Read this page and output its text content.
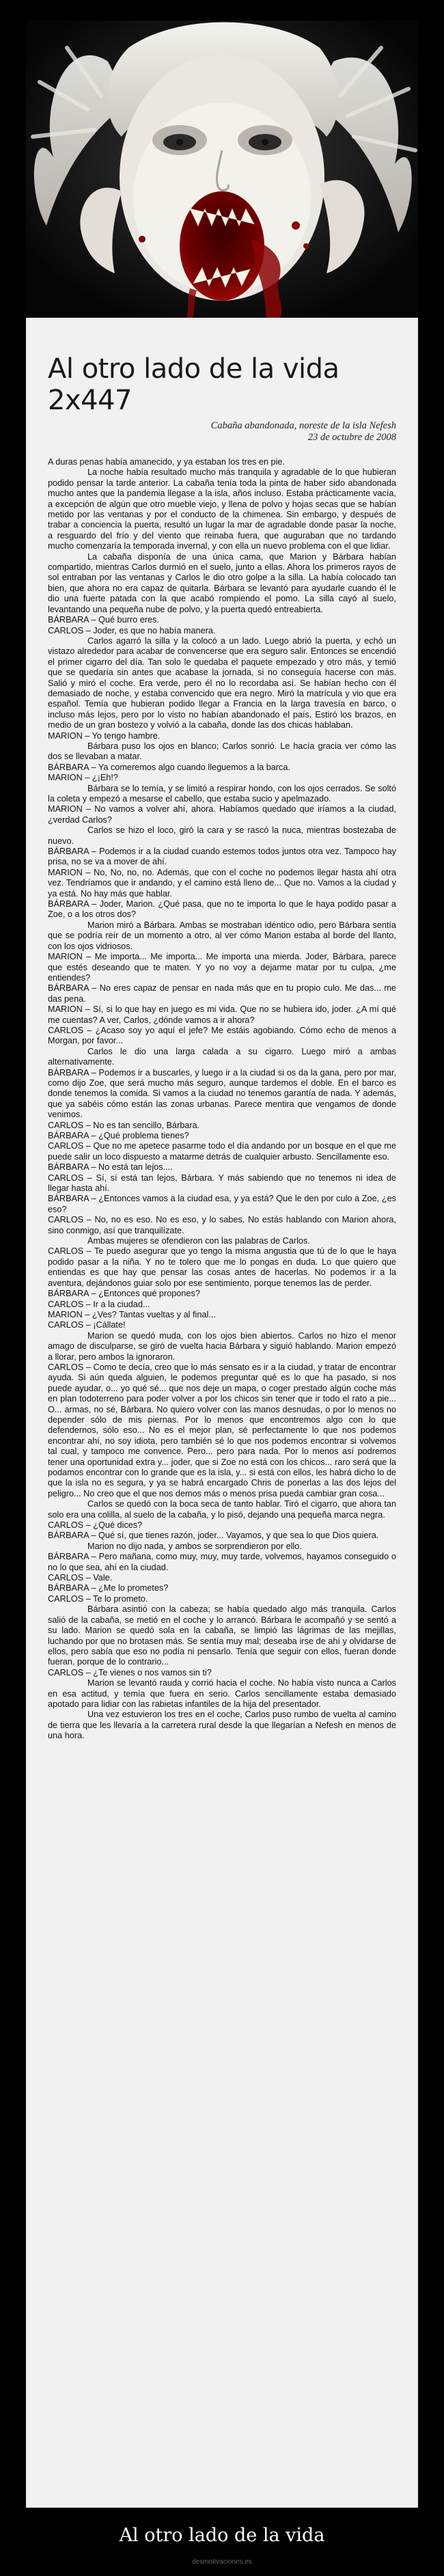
Al otro lado de la vida 2x447
Cabaña abandonada, noreste de la isla Nefesh
23 de octubre de 2008

A duras penas había amanecido, y ya estaban los tres en pie.

La noche había resultado mucho más tranquila y agradable de lo que hubieran podido pensar la tarde anterior. La cabaña tenía toda la pinta de haber sido abandonada mucho antes que la pandemia llegase a la isla, años incluso. Estaba prácticamente vacía, a excepción de algún que otro mueble viejo, y llena de polvo y hojas secas que se habían metido por las ventanas y por el conducto de la chimenea. Sin embargo, y después de trabar a conciencia la puerta, resultó un lugar la mar de agradable donde pasar la noche, a resguardo del frío y del viento que reinaba fuera, que auguraban que no tardando mucho comenzaría la temporada invernal, y con ella un nuevo problema con el que lidiar.

La cabaña disponía de una única cama, que Marion y Bárbara habían compartido, mientras Carlos durmió en el suelo, junto a ellas. Ahora los primeros rayos de sol entraban por las ventanas y Carlos le dio otro golpe a la silla. La había colocado tan bien, que ahora no era capaz de quitarla. Bárbara se levantó para ayudarle cuando él le dio una fuerte patada con la que acabó rompiendo el pomo. La silla cayó al suelo, levantando una pequeña nube de polvo, y la puerta quedó entreabierta.

BÁRBARA – Qué burro eres.

CARLOS – Joder, es que no había manera.

Carlos agarró la silla y la colocó a un lado. Luego abrió la puerta, y echó un vistazo alrededor para acabar de convencerse que era seguro salir. Entonces se encendió el primer cigarro del día. Tan solo le quedaba el paquete empezado y otro más, y temió que se quedaría sin antes que acabase la jornada, si no conseguía hacerse con más. Salió y miró el coche. Era verde, pero él no lo recordaba así. Se habían hecho con él demasiado de noche, y estaba convencido que era negro. Miró la matrícula y vio que era español. Temía que hubieran podido llegar a Francia en la larga travesía en barco, o incluso más lejos, pero por lo visto no habían abandonado el país. Estiró los brazos, en medio de un gran bostezo y volvió a la cabaña, donde las dos chicas hablaban.

MARION – Yo tengo hambre.

Bárbara puso los ojos en blanco; Carlos sonrió. Le hacía gracia ver cómo las dos se llevaban a matar.

BÁRBARA – Ya comeremos algo cuando lleguemos a la barca.

MARION – ¿¡Eh!?

Bárbara se lo temía, y se limitó a respirar hondo, con los ojos cerrados. Se soltó la coleta y empezó a mesarse el cabello, que estaba sucio y apelmazado.

MARION – No vamos a volver ahí, ahora. Habíamos quedado que iríamos a la ciudad, ¿verdad Carlos?

Carlos se hizo el loco, giró la cara y se rascó la nuca, mientras bostezaba de nuevo.

BÁRBARA – Podemos ir a la ciudad cuando estemos todos juntos otra vez. Tampoco hay prisa, no se va a mover de ahí.

MARION – No, No, no, no. Además, que con el coche no podemos llegar hasta ahí otra vez. Tendríamos que ir andando, y el camino está lleno de... Que no. Vamos a la ciudad y ya está. No hay más que hablar.

BÁRBARA – Joder, Marion. ¿Qué pasa, que no te importa lo que le haya podido pasar a Zoe, o a los otros dos?

Marion miró a Bárbara. Ambas se mostraban idéntico odio, pero Bárbara sentía que se podría reír de un momento a otro, al ver cómo Marion estaba al borde del llanto, con los ojos vidriosos.

MARION – Me importa... Me importa... Me importa una mierda. Joder, Bárbara, parece que estés deseando que te maten. Y yo no voy a dejarme matar por tu culpa, ¿me entiendes?

BÁRBARA – No eres capaz de pensar en nada más que en tu propio culo. Me das... me das pena.

MARION – Sí, si lo que hay en juego es mi vida. Que no se hubiera ido, joder. ¿A mí qué me cuentas? A ver, Carlos, ¿dónde vamos a ir ahora?

CARLOS – ¿Acaso soy yo aquí el jefe? Me estáis agobiando. Cómo echo de menos a Morgan, por favor...

Carlos le dio una larga calada a su cigarro. Luego miró a ambas alternativamente.

BÁRBARA – Podemos ir a buscarles, y luego ir a la ciudad si os da la gana, pero por mar, como dijo Zoe, que será mucho más seguro, aunque tardemos el doble. En el barco es donde tenemos la comida. Si vamos a la ciudad no tenemos garantía de nada. Y además, que ya sabéis cómo están las zonas urbanas. Parece mentira que vengamos de donde venimos.

CARLOS – No es tan sencillo, Bárbara.

BÁRBARA – ¿Qué problema tienes?

CARLOS – Que no me apetece pasarme todo el día andando por un bosque en el que me puede salir un loco dispuesto a matarme detrás de cualquier arbusto. Sencillamente eso.

BÁRBARA – No está tan lejos....

CARLOS – Sí, sí está tan lejos, Bárbara. Y más sabiendo que no tenemos ni idea de llegar hasta ahí.

BÁRBARA – ¿Entonces vamos a la ciudad esa, y ya está? Que le den por culo a Zoe, ¿es eso?

CARLOS – No, no es eso. No es eso, y lo sabes. No estás hablando con Marion ahora, sino conmigo, así que tranquilízate.

Ambas mujeres se ofendieron con las palabras de Carlos.

CARLOS – Te puedo asegurar que yo tengo la misma angustia que tú de lo que le haya podido pasar a la niña. Y no te tolero que me lo pongas en duda. Lo que quiero que entiendas es que hay que pensar las cosas antes de hacerlas. No podemos ir a la aventura, dejándonos guiar solo por ese sentimiento, porque tenemos las de perder.

BÁRBARA – ¿Entonces qué propones?

CARLOS – Ir a la ciudad...

MARION – ¿Ves? Tantas vueltas y al final...

CARLOS – ¡Cállate!

Marion se quedó muda, con los ojos bien abiertos. Carlos no hizo el menor amago de disculparse, se giró de vuelta hacia Bárbara y siguió hablando. Marion empezó a llorar, pero ambos la ignoraron.

CARLOS – Como te decía, creo que lo más sensato es ir a la ciudad, y tratar de encontrar ayuda. Si aún queda alguien, le podemos preguntar qué es lo que ha pasado, si nos puede ayudar, o... yo qué sé... que nos deje un mapa, o coger prestado algún coche más en plan todoterreno para poder volver a por los chicos sin tener que ir todo el rato a pie... O... armas, no sé, Bárbara. No quiero volver con las manos desnudas, o por lo menos no depender sólo de mis piernas. Por lo menos que encontremos algo con lo que defendernos, sólo eso... No es el mejor plan, sé perfectamente lo que nos podemos encontrar ahí, no soy idiota, pero también sé lo que nos podemos encontrar si volvemos tal cual, y tampoco me convence. Pero... pero para nada. Por lo menos así podremos tener una oportunidad extra y... joder, que si Zoe no está con los chicos... raro será que la podamos encontrar con lo grande que es la isla, y... si está con ellos, les habrá dicho lo de que la isla no es segura, y ya se habrá encargado Chris de ponerlas a las dos lejos del peligro... No creo que el que nos demos más o menos prisa pueda cambiar gran cosa...

Carlos se quedó con la boca seca de tanto hablar. Tiró el cigarro, que ahora tan solo era una colilla, al suelo de la cabaña, y lo pisó, dejando una pequeña marca negra.

CARLOS – ¿Qué dices?

BÁRBARA – Qué sí, que tienes razón, joder... Vayamos, y que sea lo que Dios quiera.

Marion no dijo nada, y ambos se sorprendieron por ello.

BÁRBARA – Pero mañana, como muy, muy, muy tarde, volvemos, hayamos conseguido o no lo que sea, ahí en la ciudad.

CARLOS – Vale.

BÁRBARA – ¿Me lo prometes?

CARLOS – Te lo prometo.

Bárbara asintió con la cabeza; se había quedado algo más tranquila. Carlos salió de la cabaña, se metió en el coche y lo arrancó. Bárbara le acompañó y se sentó a su lado. Marion se quedó sola en la cabaña, se limpió las lágrimas de las mejillas, luchando por que no brotasen más. Se sentía muy mal; deseaba irse de ahí y olvidarse de ellos, pero sabía que eso no podía ni pensarlo. Tenía que seguir con ellos, fueran donde fueran, porque de lo contrario...

CARLOS – ¿Te vienes o nos vamos sin ti?

Marion se levantó rauda y corrió hacia el coche. No había visto nunca a Carlos en esa actitud, y temía que fuera en serio. Carlos sencillamente estaba demasiado apotado para lidiar con las rabietas infantiles de la hija del presentador.

Una vez estuvieron los tres en el coche, Carlos puso rumbo de vuelta al camino de tierra que les llevaría a la carretera rural desde la que llegarían a Nefesh en menos de una hora.

Al otro lado de la vida
desmotivaciones.es
